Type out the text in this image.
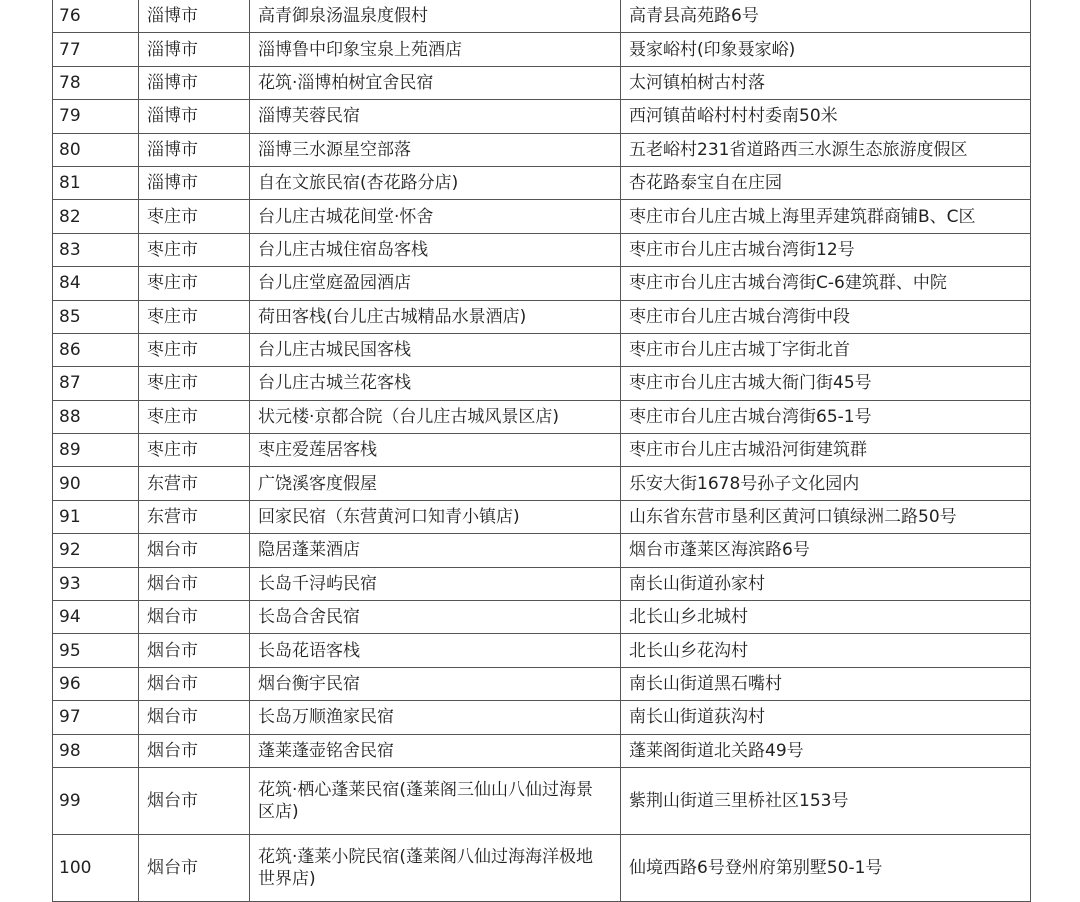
76	淄博市	高青御泉汤温泉度假村	高青县高苑路6号
77	淄博市	淄博鲁中印象宝泉上苑酒店	聂家峪村(印象聂家峪)
78	淄博市	花筑·淄博柏树宜舍民宿	太河镇柏树古村落
79	淄博市	淄博芙蓉民宿	西河镇苗峪村村村委南50米
80	淄博市	淄博三水源星空部落	五老峪村231省道路西三水源生态旅游度假区
81	淄博市	自在文旅民宿(杏花路分店)	杏花路泰宝自在庄园
82	枣庄市	台儿庄古城花间堂·怀舍	枣庄市台儿庄古城上海里弄建筑群商铺B、C区
83	枣庄市	台儿庄古城住宿岛客栈	枣庄市台儿庄古城台湾街12号
84	枣庄市	台儿庄堂庭盈园酒店	枣庄市台儿庄古城台湾街C-6建筑群、中院
85	枣庄市	荷田客栈(台儿庄古城精品水景酒店)	枣庄市台儿庄古城台湾街中段
86	枣庄市	台儿庄古城民国客栈	枣庄市台儿庄古城丁字街北首
87	枣庄市	台儿庄古城兰花客栈	枣庄市台儿庄古城大衙门街45号
88	枣庄市	状元楼·京都合院（台儿庄古城风景区店)	枣庄市台儿庄古城台湾街65-1号
89	枣庄市	枣庄爱莲居客栈	枣庄市台儿庄古城沿河街建筑群
90	东营市	广饶溪客度假屋	乐安大街1678号孙子文化园内
91	东营市	回家民宿（东营黄河口知青小镇店)	山东省东营市垦利区黄河口镇绿洲二路50号
92	烟台市	隐居蓬莱酒店	烟台市蓬莱区海滨路6号
93	烟台市	长岛千浔屿民宿	南长山街道孙家村
94	烟台市	长岛合舍民宿	北长山乡北城村
95	烟台市	长岛花语客栈	北长山乡花沟村
96	烟台市	烟台衡宇民宿	南长山街道黑石嘴村
97	烟台市	长岛万顺渔家民宿	南长山街道荻沟村
98	烟台市	蓬莱蓬壶铭舍民宿	蓬莱阁街道北关路49号
99	烟台市	花筑·栖心蓬莱民宿(蓬莱阁三仙山八仙过海景区店)	紫荆山街道三里桥社区153号
100	烟台市	花筑·蓬莱小院民宿(蓬莱阁八仙过海海洋极地世界店)	仙境西路6号登州府第别墅50-1号
